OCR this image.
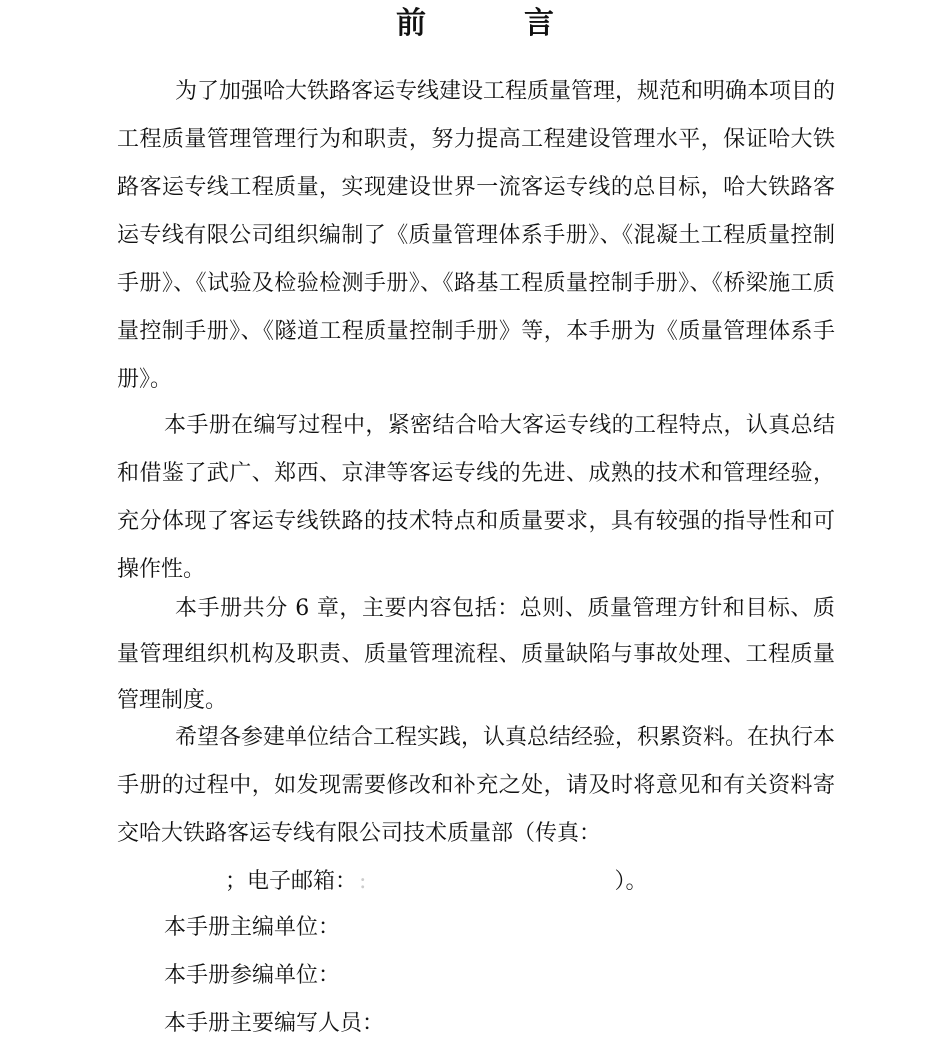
前　言

为了加强哈大铁路客运专线建设工程质量管理，规范和明确本项目的工程质量管理管理行为和职责，努力提高工程建设管理水平，保证哈大铁路客运专线工程质量，实现建设世界一流客运专线的总目标，哈大铁路客运专线有限公司组织编制了《质量管理体系手册》、《混凝土工程质量控制手册》、《试验及检验检测手册》、《路基工程质量控制手册》、《桥梁施工质量控制手册》、《隧道工程质量控制手册》等，本手册为《质量管理体系手册》。

本手册在编写过程中，紧密结合哈大客运专线的工程特点，认真总结和借鉴了武广、郑西、京津等客运专线的先进、成熟的技术和管理经验，充分体现了客运专线铁路的技术特点和质量要求，具有较强的指导性和可操作性。

本手册共分 6 章，主要内容包括：总则、质量管理方针和目标、质量管理组织机构及职责、质量管理流程、质量缺陷与事故处理、工程质量管理制度。

希望各参建单位结合工程实践，认真总结经验，积累资料。在执行本手册的过程中，如发现需要修改和补充之处，请及时将意见和有关资料寄交哈大铁路客运专线有限公司技术质量部（传真：

；电子邮箱：:	）。
本手册主编单位：
本手册参编单位：
本手册主要编写人员：
